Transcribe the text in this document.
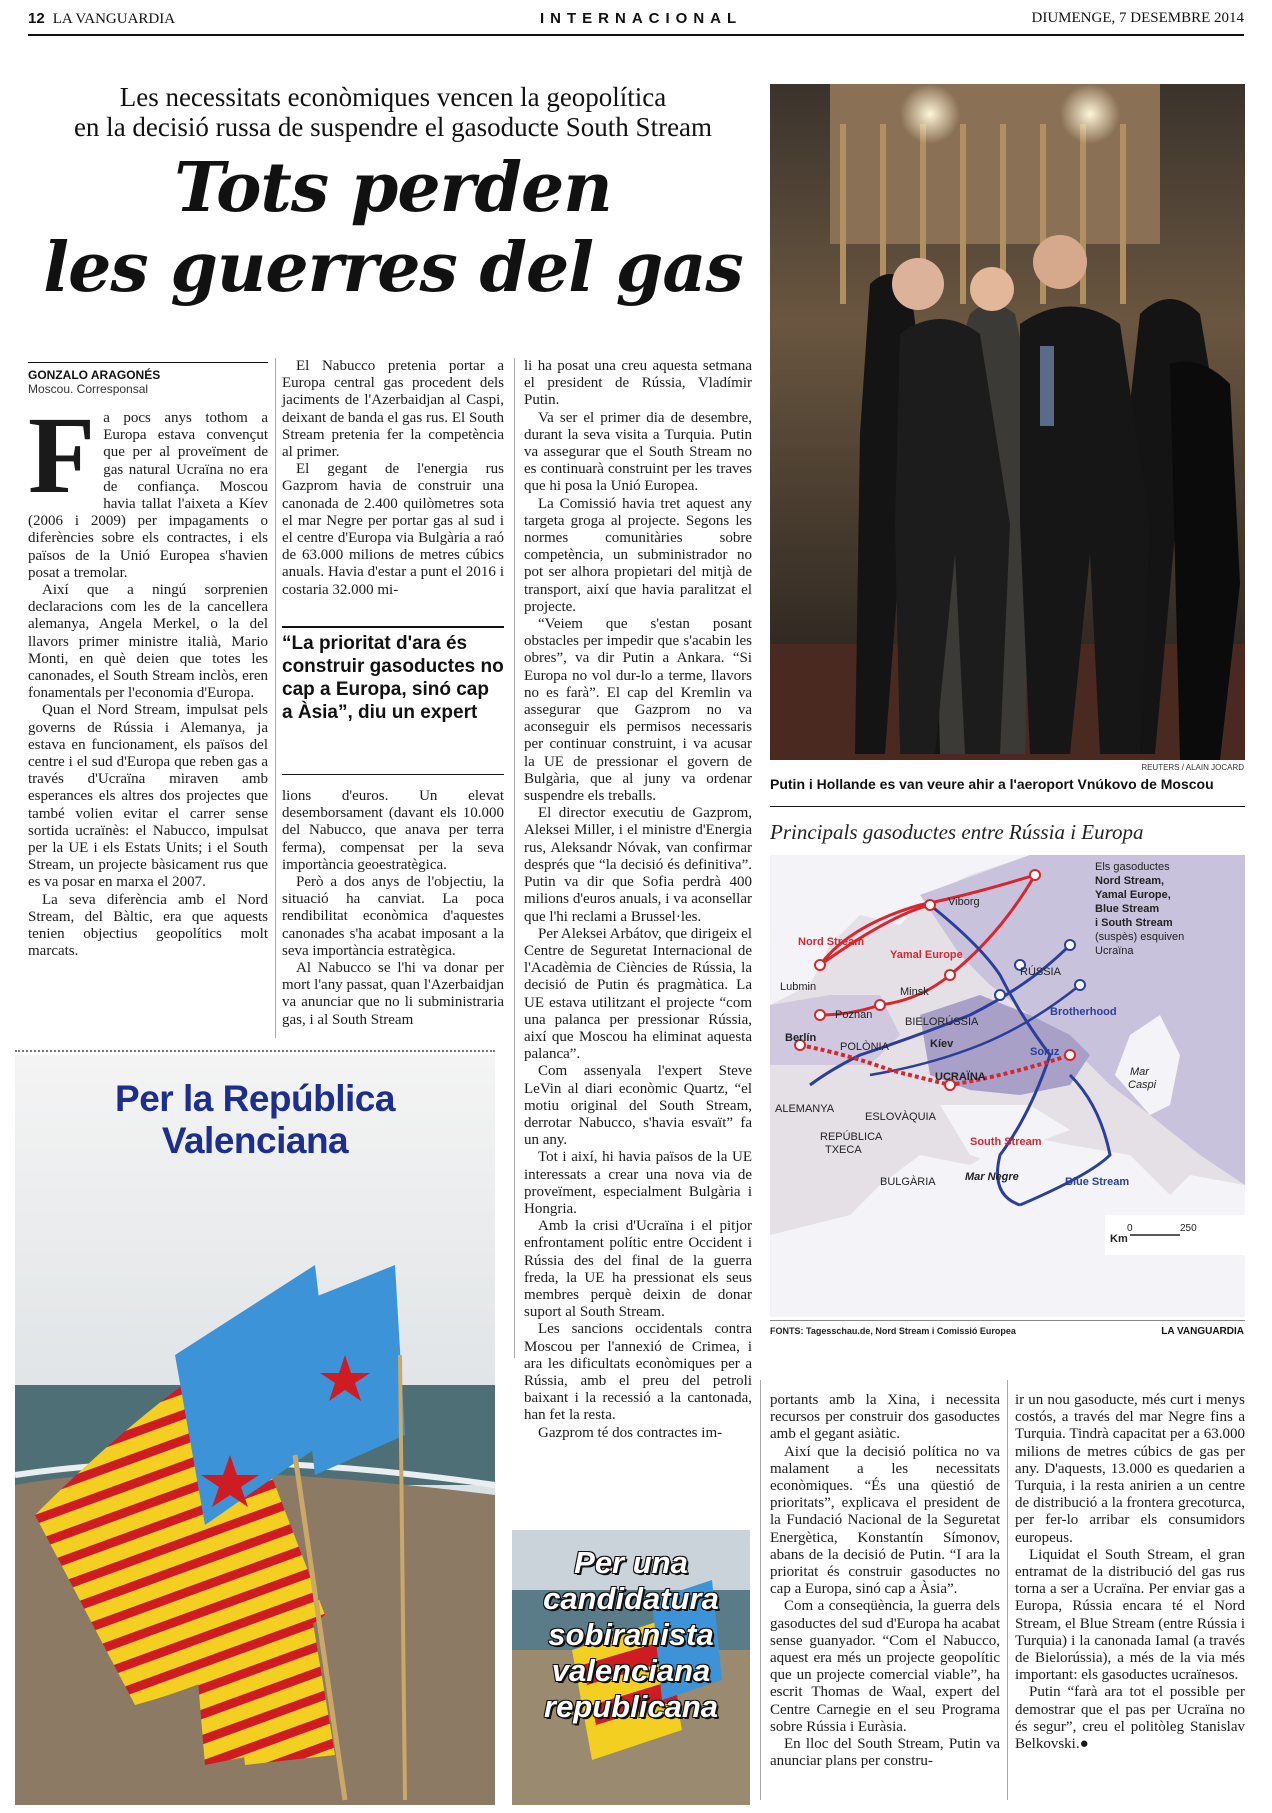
12 LA VANGUARDIA	INTERNACIONAL	DIUMENGE, 7 DESEMBRE 2014
Les necessitats econòmiques vencen la geopolítica
en la decisió russa de suspendre el gasoducte South Stream
Tots perden
les guerres del gas
GONZALO ARAGONÉS
Moscou. Corresponsal
F a pocs anys tothom a Europa estava convençut que per al proveïment de gas natural Ucraïna no era de confiança. Moscou havia tallat l'aixeta a Kíev (2006 i 2009) per impagaments o diferències sobre els contractes, i els països de la Unió Europea s'havien posat a tremolar.

Així que a ningú sorprenien declaracions com les de la cancellera alemanya, Angela Merkel, o la del llavors primer ministre italià, Mario Monti, en què deien que totes les canonades, el South Stream inclòs, eren fonamentals per l'economia d'Europa.

Quan el Nord Stream, impulsat pels governs de Rússia i Alemanya, ja estava en funcionament, els països del centre i el sud d'Europa que reben gas a través d'Ucraïna miraven amb esperances els altres dos projectes que també volien evitar el carrer sense sortida ucraïnès: el Nabucco, impulsat per la UE i els Estats Units; i el South Stream, un projecte bàsicament rus que es va posar en marxa el 2007.

La seva diferència amb el Nord Stream, del Bàltic, era que aquests tenien objectius geopolítics molt marcats.

El Nabucco pretenia portar a Europa central gas procedent dels jaciments de l'Azerbaidjan al Caspi, deixant de banda el gas rus. El South Stream pretenia fer la competència al primer.

El gegant de l'energia rus Gazprom havia de construir una canonada de 2.400 quilòmetres sota el mar Negre per portar gas al sud i el centre d'Europa via Bulgària a raó de 63.000 milions de metres cúbics anuals. Havia d'estar a punt el 2016 i costaria 32.000 mi-

“La prioritat d'ara és construir gasoductes no cap a Europa, sinó cap a Àsia”, diu un expert

lions d'euros. Un elevat desemborsament (davant els 10.000 del Nabucco, que anava per terra ferma), compensat per la seva importància geoestratègica.

Però a dos anys de l'objectiu, la situació ha canviat. La poca rendibilitat econòmica d'aquestes canonades s'ha acabat imposant a la seva importància estratègica.

Al Nabucco se l'hi va donar per mort l'any passat, quan l'Azerbaidjan va anunciar que no li subministraria gas, i al South Stream

li ha posat una creu aquesta setmana el president de Rússia, Vladímir Putin.

Va ser el primer dia de desembre, durant la seva visita a Turquia. Putin va assegurar que el South Stream no es continuarà construint per les traves que hi posa la Unió Europea.

La Comissió havia tret aquest any targeta groga al projecte. Segons les normes comunitàries sobre competència, un subministrador no pot ser alhora propietari del mitjà de transport, així que havia paralitzat el projecte.

“Veiem que s'estan posant obstacles per impedir que s'acabin les obres”, va dir Putin a Ankara. “Si Europa no vol dur-lo a terme, llavors no es farà”. El cap del Kremlin va assegurar que Gazprom no va aconseguir els permisos necessaris per continuar construint, i va acusar la UE de pressionar el govern de Bulgària, que al juny va ordenar suspendre els treballs.

El director executiu de Gazprom, Aleksei Miller, i el ministre d'Energia rus, Aleksandr Nóvak, van confirmar després que “la decisió és definitiva”. Putin va dir que Sofia perdrà 400 milions d'euros anuals, i va aconsellar que l'hi reclami a Brussel·les.

Per Aleksei Arbátov, que dirigeix el Centre de Seguretat Internacional de l'Acadèmia de Ciències de Rússia, la decisió de Putin és pragmàtica. La UE estava utilitzant el projecte “com una palanca per pressionar Rússia, així que Moscou ha eliminat aquesta palanca”.

Com assenyala l'expert Steve LeVin al diari econòmic Quartz, “el motiu original del South Stream, derrotar Nabucco, s'havia esvaït” fa un any.

Tot i així, hi havia països de la UE interessats a crear una nova via de proveïment, especialment Bulgària i Hongria.

Amb la crisi d'Ucraïna i el pitjor enfrontament polític entre Occident i Rússia des del final de la guerra freda, la UE ha pressionat els seus membres perquè deixin de donar suport al South Stream.

Les sancions occidentals contra Moscou per l'annexió de Crimea, i ara les dificultats econòmiques per a Rússia, amb el preu del petroli baixant i la recessió a la cantonada, han fet la resta.

Gazprom té dos contractes im-

REUTERS / ALAIN JOCARD
Putin i Hollande es van veure ahir a l'aeroport Vnúkovo de Moscou
Principals gasoductes entre Rússia i Europa
Viborg
Nord Stream
Yamal Europe
RÚSSIA
Lubmin	Minsk
Brotherhood
Poznan
BIELORÚSSIA
Berlín
POLÒNIA	Kíev
UCRAÏNA
Soiuz
Mar
Caspi
ALEMANYA
ESLOVÀQUIA
REPÚBLICA
TXECA
South Stream
BULGÀRIA	Mar Negre	Blue Stream
Els gasoductes
Nord Stream,
Yamal Europe,
Blue Stream
i South Stream
(suspès) esquiven
Ucraïna
Km
0	250
FONTS: Tagesschau.de, Nord Stream i Comissió Europea	LA VANGUARDIA
Per la República Valenciana

portants amb la Xina, i necessita recursos per construir dos gasoductes amb el gegant asiàtic.

Així que la decisió política no va malament a les necessitats econòmiques. “És una qüestió de prioritats”, explicava el president de la Fundació Nacional de la Seguretat Energètica, Konstantín Símonov, abans de la decisió de Putin. “I ara la prioritat és construir gasoductes no cap a Europa, sinó cap a Àsia”.

Com a conseqüència, la guerra dels gasoductes del sud d'Europa ha acabat sense guanyador. “Com el Nabucco, aquest era més un projecte geopolític que un projecte comercial viable”, ha escrit Thomas de Waal, expert del Centre Carnegie en el seu Programa sobre Rússia i Euràsia.

En lloc del South Stream, Putin va anunciar plans per constru-

ir un nou gasoducte, més curt i menys costós, a través del mar Negre fins a Turquia. Tindrà capacitat per a 63.000 milions de metres cúbics de gas per any. D'aquests, 13.000 es quedarien a Turquia, i la resta anirien a un centre de distribució a la frontera grecoturca, per fer-lo arribar els consumidors europeus.

Liquidat el South Stream, el gran entramat de la distribució del gas rus torna a ser a Ucraïna. Per enviar gas a Europa, Rússia encara té el Nord Stream, el Blue Stream (entre Rússia i Turquia) i la canonada Iamal (a través de Bielorússia), a més de la via més important: els gasoductes ucraïnesos.

Putin “farà ara tot el possible per demostrar que el pas per Ucraïna no és segur”, creu el politòleg Stanislav Belkovski.●

Per una candidatura sobiranista valenciana republicana
